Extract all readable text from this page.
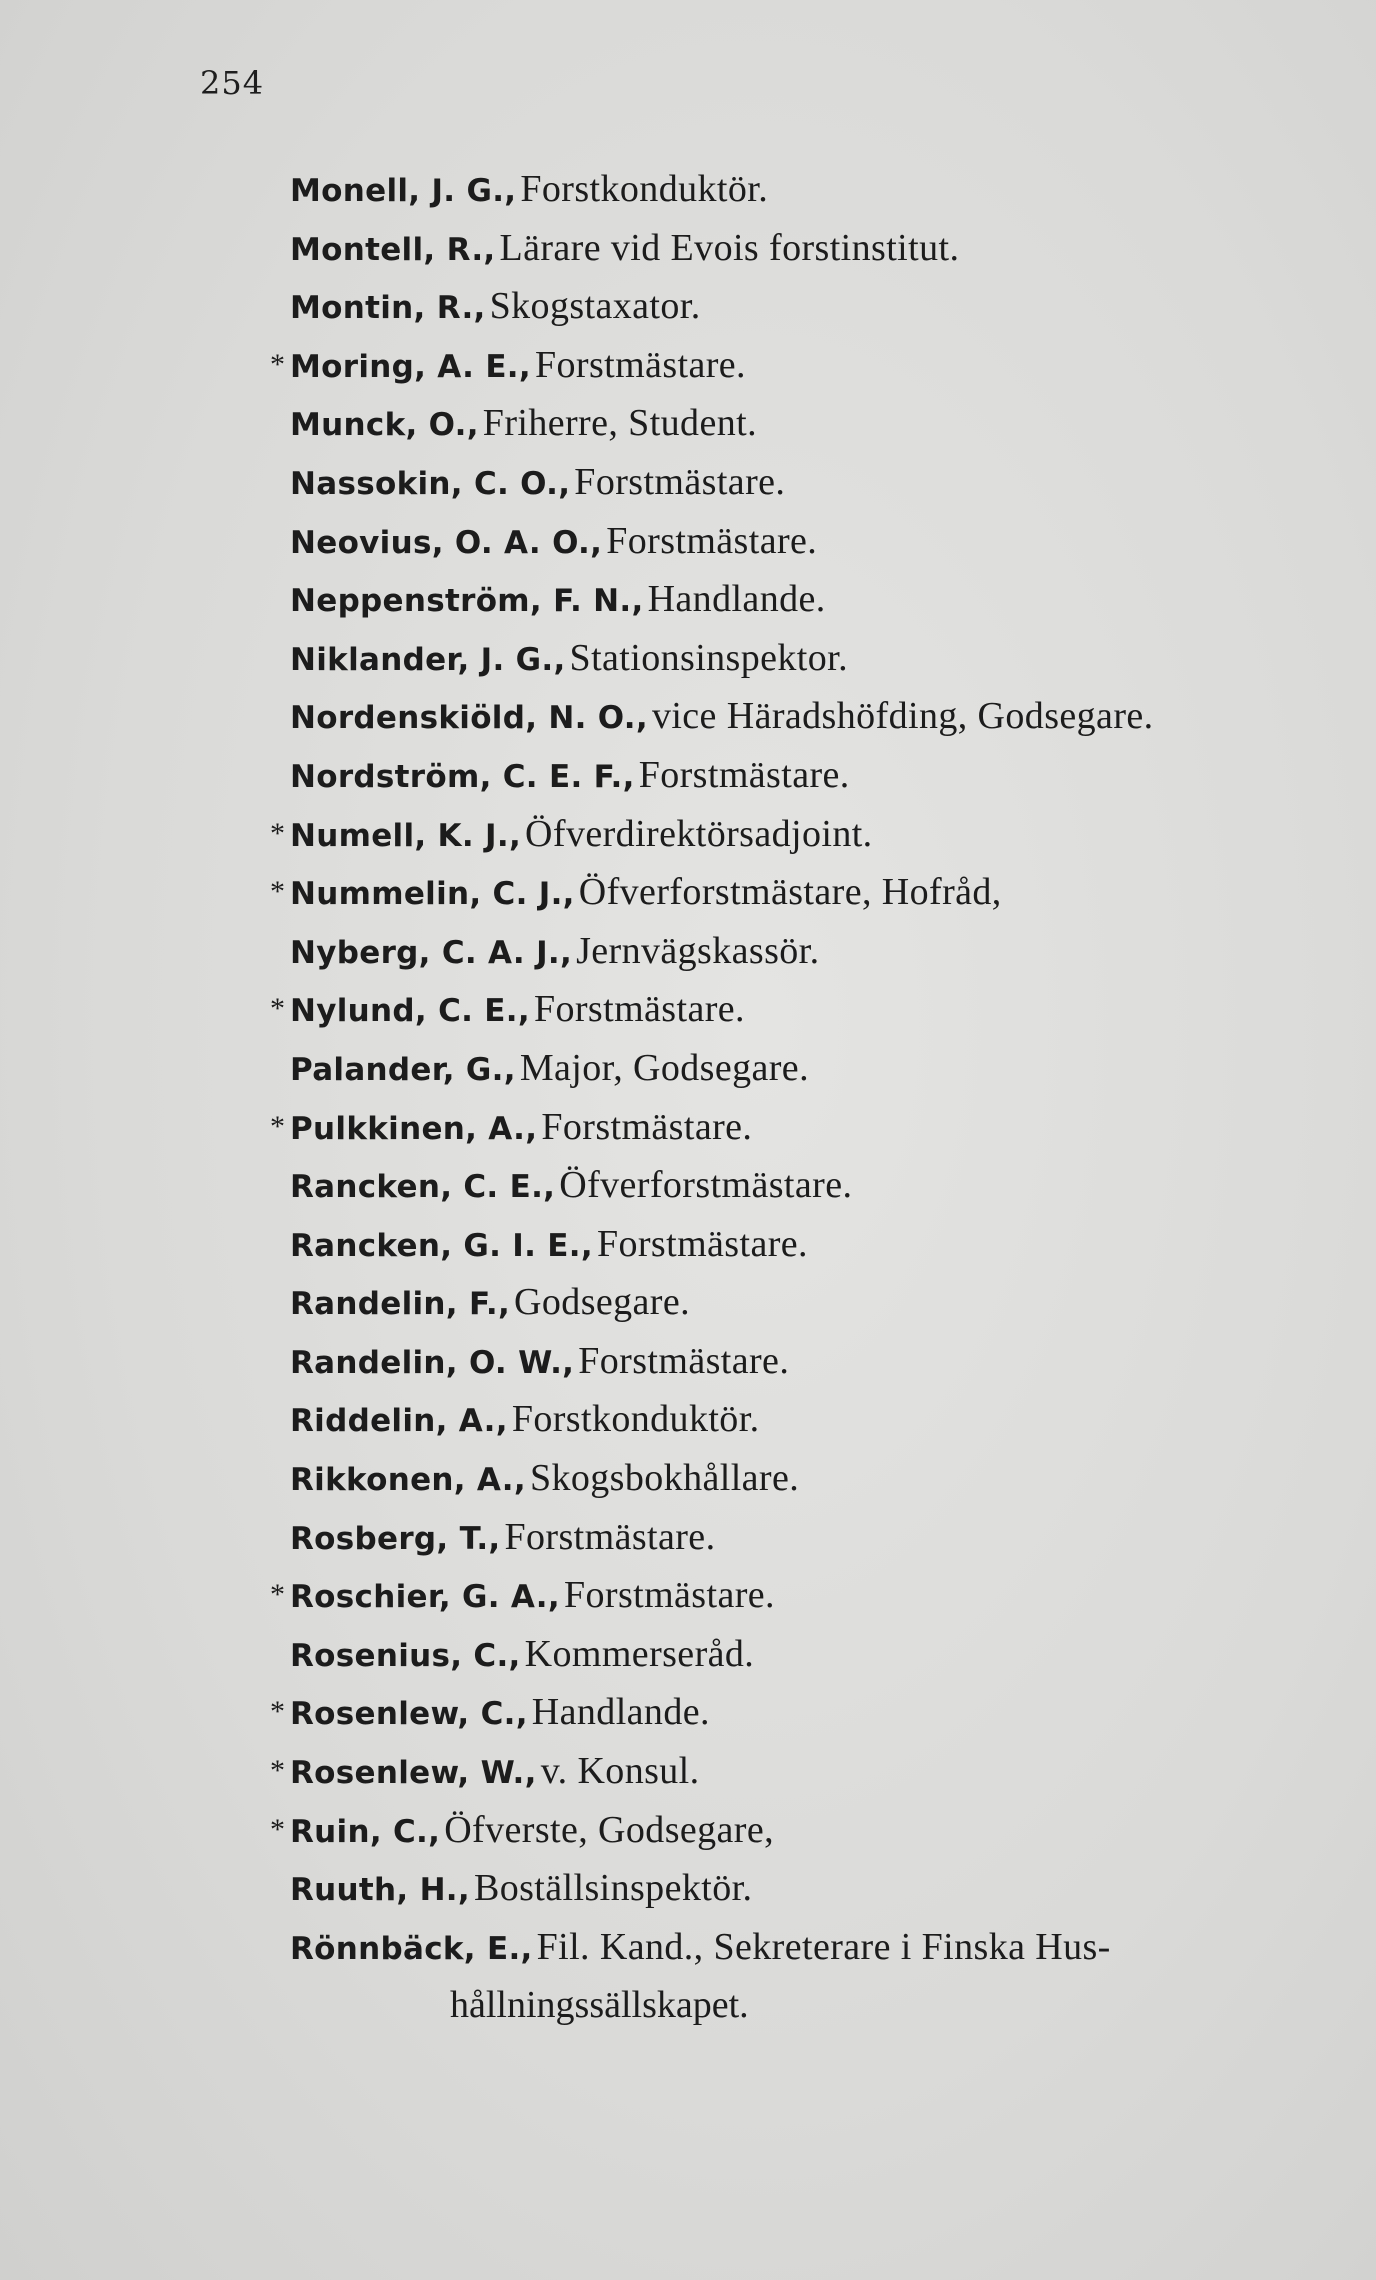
254
Monell, J. G., Forstkonduktör.
Montell, R., Lärare vid Evois forstinstitut.
Montin, R., Skogstaxator.
* Moring, A. E., Forstmästare.
Munck, O., Friherre, Student.
Nassokin, C. O., Forstmästare.
Neovius, O. A. O., Forstmästare.
Neppenström, F. N., Handlande.
Niklander, J. G., Stationsinspektor.
Nordenskiöld, N. O., vice Häradshöfding, Godsegare.
Nordström, C. E. F., Forstmästare.
* Numell, K. J., Öfverdirektörsadjoint.
* Nummelin, C. J., Öfverforstmästare, Hofråd,
Nyberg, C. A. J., Jernvägskassör.
* Nylund, C. E., Forstmästare.
Palander, G., Major, Godsegare.
* Pulkkinen, A., Forstmästare.
Rancken, C. E., Öfverforstmästare.
Rancken, G. I. E., Forstmästare.
Randelin, F., Godsegare.
Randelin, O. W., Forstmästare.
Riddelin, A., Forstkonduktör.
Rikkonen, A., Skogsbokhållare.
Rosberg, T., Forstmästare.
* Roschier, G. A., Forstmästare.
Rosenius, C., Kommerseråd.
* Rosenlew, C., Handlande.
* Rosenlew, W., v. Konsul.
* Ruin, C., Öfverste, Godsegare,
Ruuth, H., Boställsinspektör.
Rönnbäck, E., Fil. Kand., Sekreterare i Finska Hus-
hållningssällskapet.
